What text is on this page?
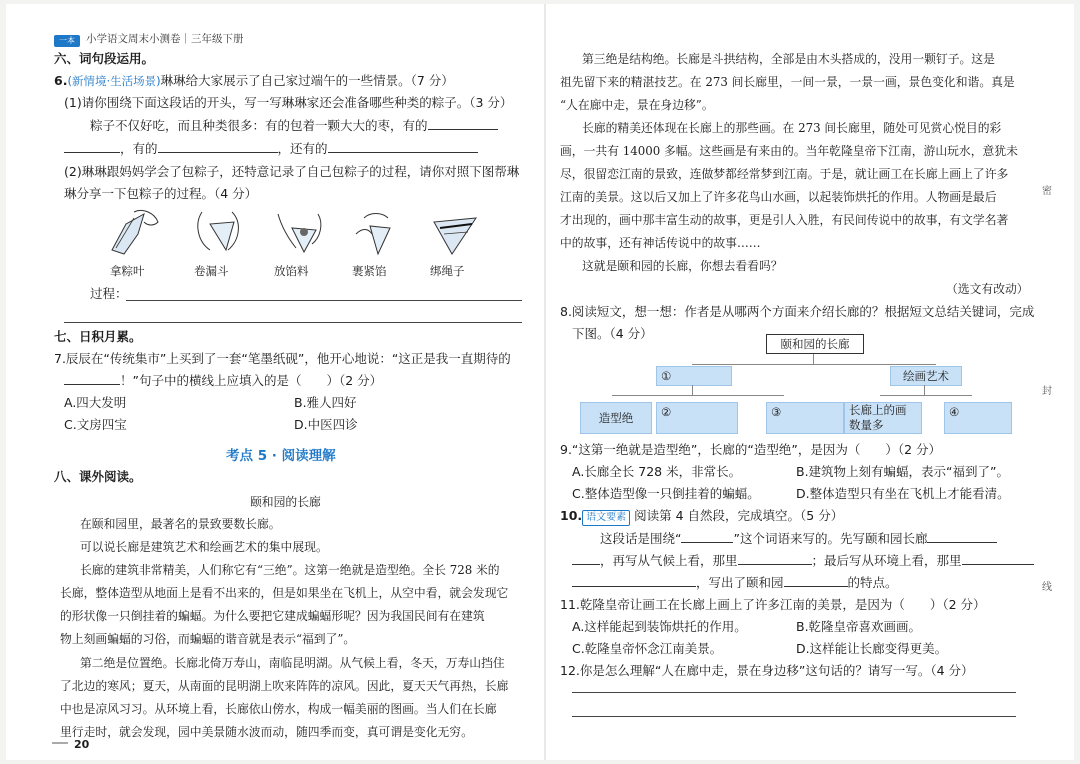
一本	小学语文周末小测卷｜三年级下册
六、词句段运用。
6.(新情境·生活场景)琳琳给大家展示了自己家过端午的一些情景。（7 分）
(1)请你围绕下面这段话的开头，写一写琳琳家还会准备哪些种类的粽子。（3 分）
粽子不仅好吃，而且种类很多：有的包着一颗大大的枣，有的
，有的	，还有的
(2)琳琳跟妈妈学会了包粽子，还特意记录了自己包粽子的过程，请你对照下图帮琳
琳分享一下包粽子的过程。（4 分）
拿粽叶	卷漏斗	放馅料	裹紧馅	绑绳子
过程：
七、日积月累。
7.辰辰在“传统集市”上买到了一套“笔墨纸砚”，他开心地说：“这正是我一直期待的
！”句子中的横线上应填入的是（　　）（2 分）
A.四大发明	B.雅人四好
C.文房四宝	D.中医四诊
考点 5 · 阅读理解
八、课外阅读。
颐和园的长廊
在颐和园里，最著名的景致要数长廊。
可以说长廊是建筑艺术和绘画艺术的集中展现。
长廊的建筑非常精美，人们称它有“三绝”。这第一绝就是造型绝。全长 728 米的
长廊，整体造型从地面上是看不出来的，但是如果坐在飞机上，从空中看，就会发现它
的形状像一只倒挂着的蝙蝠。为什么要把它建成蝙蝠形呢？因为我国民间有在建筑
物上刻画蝙蝠的习俗，而蝙蝠的谐音就是表示“福到了”。
第二绝是位置绝。长廊北倚万寿山，南临昆明湖。从气候上看，冬天，万寿山挡住
了北边的寒风；夏天，从南面的昆明湖上吹来阵阵的凉风。因此，夏天天气再热，长廊
中也是凉风习习。从环境上看，长廊依山傍水，构成一幅美丽的图画。当人们在长廊
里行走时，就会发现，园中美景随水波而动，随四季而变，真可谓是变化无穷。
20
第三绝是结构绝。长廊是斗拱结构，全部是由木头搭成的，没用一颗钉子。这是
祖先留下来的精湛技艺。在 273 间长廊里，一间一景，一景一画，景色变化和谐。真是
“人在廊中走，景在身边移”。
长廊的精美还体现在长廊上的那些画。在 273 间长廊里，随处可见赏心悦目的彩
画，一共有 14000 多幅。这些画是有来由的。当年乾隆皇帝下江南，游山玩水，意犹未
尽，很留恋江南的景致，连做梦都经常梦到江南。于是，就让画工在长廊上画上了许多
江南的美景。这以后又加上了许多花鸟山水画，以起装饰烘托的作用。人物画是最后
才出现的，画中那丰富生动的故事，更是引人入胜，有民间传说中的故事，有文学名著
中的故事，还有神话传说中的故事……
这就是颐和园的长廊，你想去看看吗？
（选文有改动）
8.阅读短文，想一想：作者是从哪两个方面来介绍长廊的？根据短文总结关键词，完成
下图。（4 分）
颐和园的长廊
①	绘画艺术
造型绝	②	③	长廊上的画
数量多
④
9.“这第一绝就是造型绝”，长廊的“造型绝”，是因为（　　）（2 分）
A.长廊全长 728 米，非常长。	B.建筑物上刻有蝙蝠，表示“福到了”。
C.整体造型像一只倒挂着的蝙蝠。	D.整体造型只有坐在飞机上才能看清。
10. 语文要素 阅读第 4 自然段，完成填空。（5 分）
这段话是围绕“	”这个词语来写的。先写颐和园长廊
，再写从气候上看，那里	；最后写从环境上看，那里
，写出了颐和园	的特点。
11.乾隆皇帝让画工在长廊上画上了许多江南的美景，是因为（　　）（2 分）
A.这样能起到装饰烘托的作用。	B.乾隆皇帝喜欢画画。
C.乾隆皇帝怀念江南美景。	D.这样能让长廊变得更美。
12.你是怎么理解“人在廊中走，景在身边移”这句话的？请写一写。（4 分）
密
封
线
